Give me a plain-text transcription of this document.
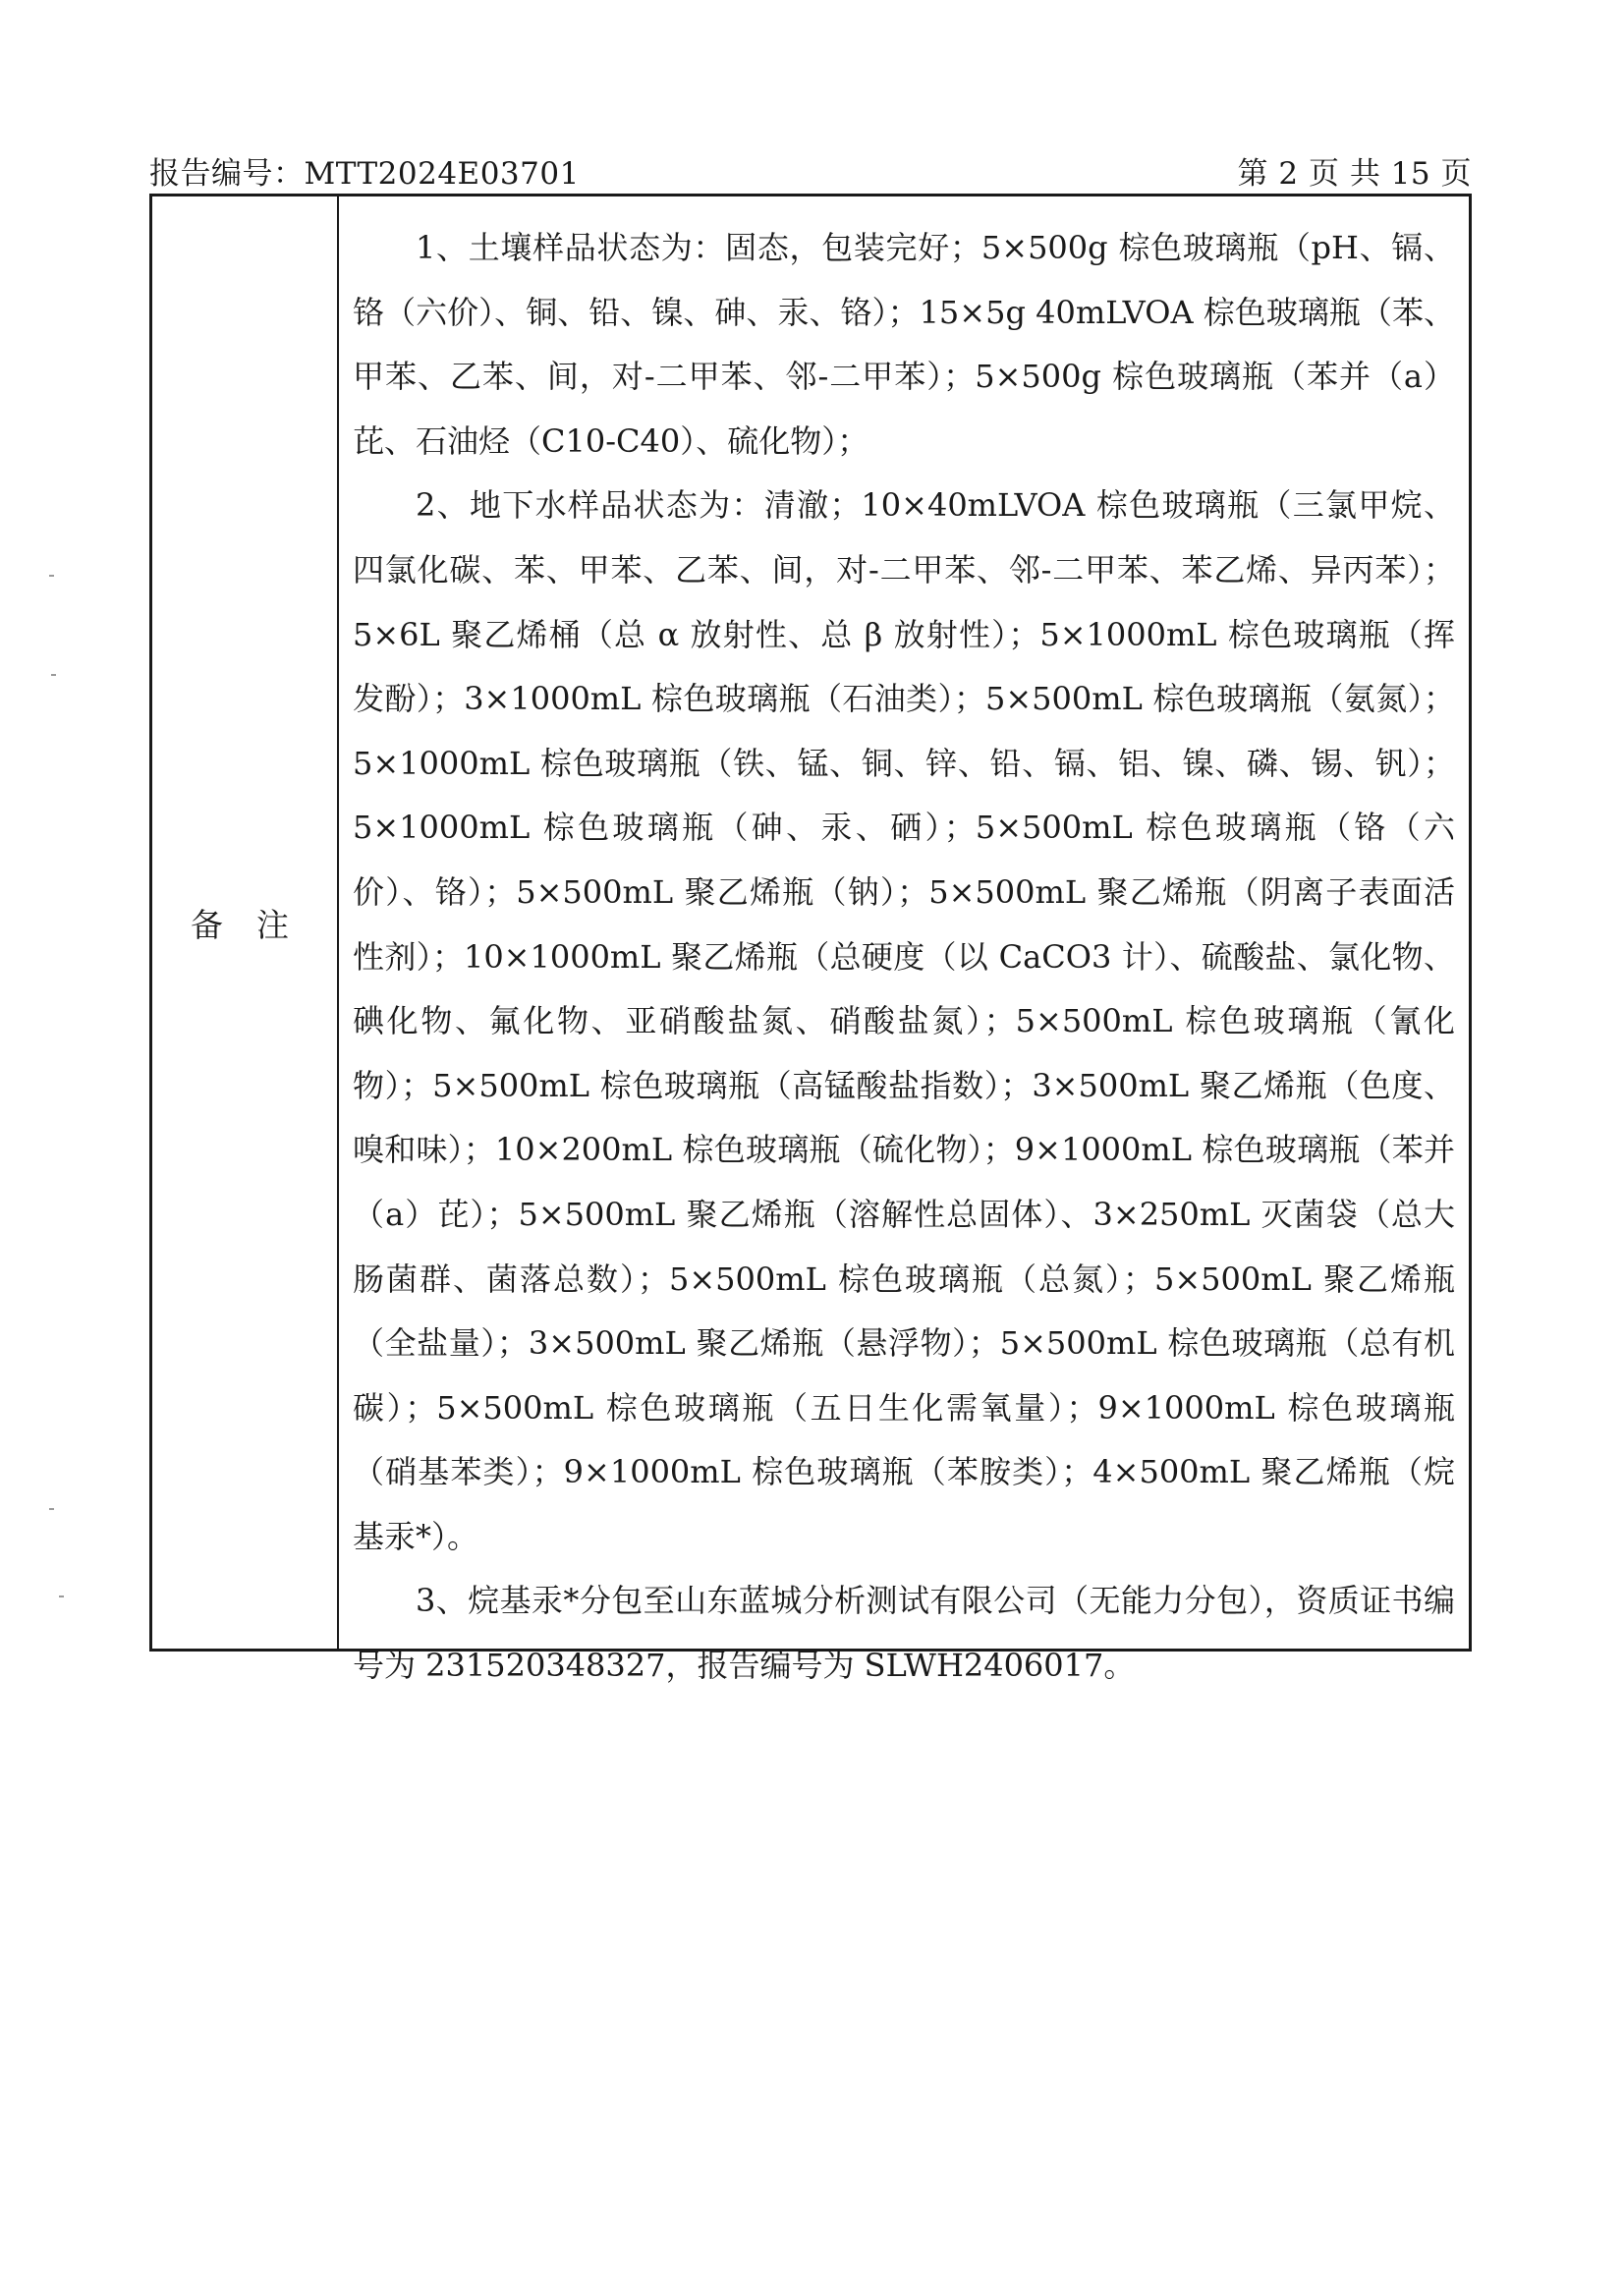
报告编号：MTT2024E03701	第 2 页 共 15 页
备注

1、土壤样品状态为：固态，包装完好；5×500g 棕色玻璃瓶（pH、镉、铬（六价）、铜、铅、镍、砷、汞、铬）；15×5g 40mLVOA 棕色玻璃瓶（苯、甲苯、乙苯、间，对-二甲苯、邻-二甲苯）；5×500g 棕色玻璃瓶（苯并（a）芘、石油烃（C10-C40）、硫化物）；

2、地下水样品状态为：清澈；10×40mLVOA 棕色玻璃瓶（三氯甲烷、四氯化碳、苯、甲苯、乙苯、间，对-二甲苯、邻-二甲苯、苯乙烯、异丙苯）；5×6L 聚乙烯桶（总 α 放射性、总 β 放射性）；5×1000mL 棕色玻璃瓶（挥发酚）；3×1000mL 棕色玻璃瓶（石油类）；5×500mL 棕色玻璃瓶（氨氮）；5×1000mL 棕色玻璃瓶（铁、锰、铜、锌、铅、镉、铝、镍、磷、锡、钒）；5×1000mL 棕色玻璃瓶（砷、汞、硒）；5×500mL 棕色玻璃瓶（铬（六价）、铬）；5×500mL 聚乙烯瓶（钠）；5×500mL 聚乙烯瓶（阴离子表面活性剂）；10×1000mL 聚乙烯瓶（总硬度（以 CaCO3 计）、硫酸盐、氯化物、碘化物、氟化物、亚硝酸盐氮、硝酸盐氮）；5×500mL 棕色玻璃瓶（氰化物）；5×500mL 棕色玻璃瓶（高锰酸盐指数）；3×500mL 聚乙烯瓶（色度、嗅和味）；10×200mL 棕色玻璃瓶（硫化物）；9×1000mL 棕色玻璃瓶（苯并（a）芘）；5×500mL 聚乙烯瓶（溶解性总固体）、3×250mL 灭菌袋（总大肠菌群、菌落总数）；5×500mL 棕色玻璃瓶（总氮）；5×500mL 聚乙烯瓶（全盐量）；3×500mL 聚乙烯瓶（悬浮物）；5×500mL 棕色玻璃瓶（总有机碳）；5×500mL 棕色玻璃瓶（五日生化需氧量）；9×1000mL 棕色玻璃瓶（硝基苯类）；9×1000mL 棕色玻璃瓶（苯胺类）；4×500mL 聚乙烯瓶（烷基汞*）。

3、烷基汞*分包至山东蓝城分析测试有限公司（无能力分包），资质证书编号为 231520348327，报告编号为 SLWH2406017。
